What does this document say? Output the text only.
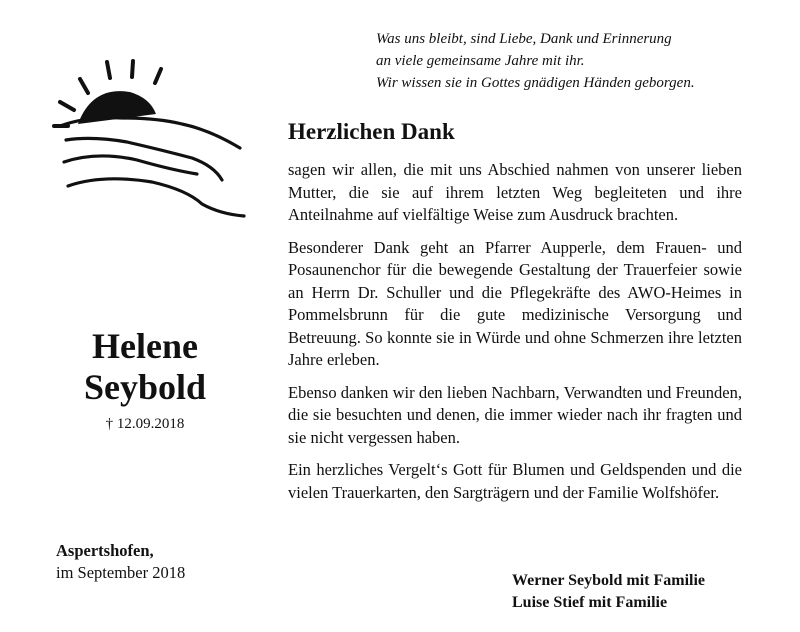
Was uns bleibt, sind Liebe, Dank und Erinnerung
an viele gemeinsame Jahre mit ihr.
Wir wissen sie in Gottes gnädigen Händen geborgen.
Herzlichen Dank

sagen wir allen, die mit uns Abschied nahmen von unserer lieben Mutter, die sie auf ihrem letzten Weg begleiteten und ihre Anteilnahme auf vielfältige Weise zum Ausdruck brachten.

Besonderer Dank geht an Pfarrer Aupperle, dem Frauen- und Posaunenchor für die bewegende Gestaltung der Trauerfeier sowie an Herrn Dr. Schuller und die Pflegekräfte des AWO-Heimes in Pommelsbrunn für die gute medizinische Versorgung und Betreuung. So konnte sie in Würde und ohne Schmerzen ihre letzten Jahre erleben.

Ebenso danken wir den lieben Nachbarn, Verwandten und Freunden, die sie besuchten und denen, die immer wieder nach ihr fragten und sie nicht vergessen haben.

Ein herzliches Vergelt‘s Gott für Blumen und Geldspenden und die vielen Trauerkarten, den Sargträgern und der Familie Wolfshöfer.

Helene
Seybold
† 12.09.2018
Aspertshofen,
im September 2018	Werner Seybold mit Familie
Luise Stief mit Familie
